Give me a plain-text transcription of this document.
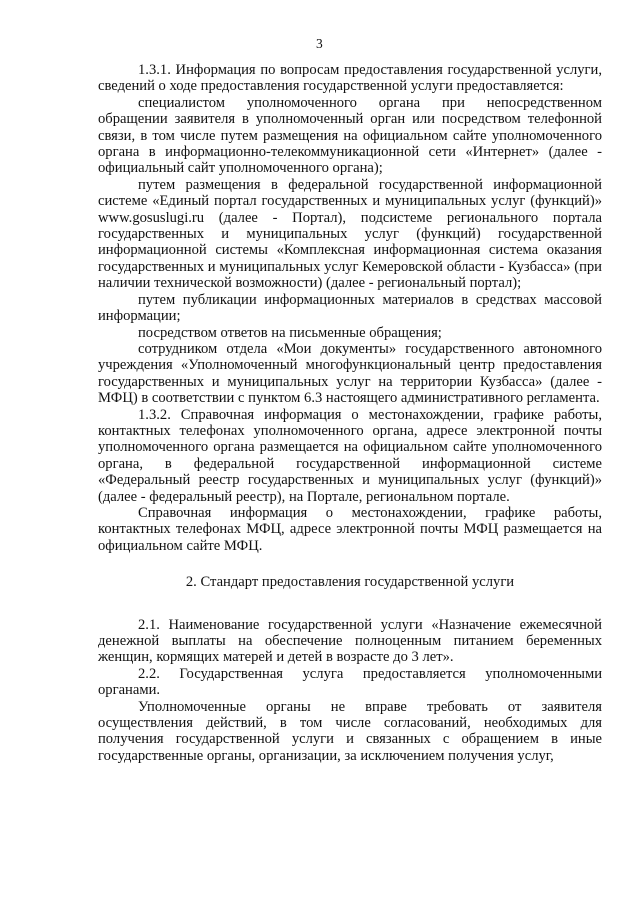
3

1.3.1. Информация по вопросам предоставления государственной услуги, сведений о ходе предоставления государственной услуги предоставляется:

специалистом уполномоченного органа при непосредственном обращении заявителя в уполномоченный орган или посредством телефонной связи, в том числе путем размещения на официальном сайте уполномоченного органа в информационно-телекоммуникационной сети «Интернет» (далее - официальный сайт уполномоченного органа);

путем размещения в федеральной государственной информационной системе «Единый портал государственных и муниципальных услуг (функций)» www.gosuslugi.ru (далее - Портал), подсистеме регионального портала государственных и муниципальных услуг (функций) государственной информационной системы «Комплексная информационная система оказания государственных и муниципальных услуг Кемеровской области - Кузбасса» (при наличии технической возможности) (далее - региональный портал);

путем публикации информационных материалов в средствах массовой информации;

посредством ответов на письменные обращения;

сотрудником отдела «Мои документы» государственного автономного учреждения «Уполномоченный многофункциональный центр предоставления государственных и муниципальных услуг на территории Кузбасса» (далее - МФЦ) в соответствии с пунктом 6.3 настоящего административного регламента.

1.3.2. Справочная информация о местонахождении, графике работы, контактных телефонах уполномоченного органа, адресе электронной почты уполномоченного органа размещается на официальном сайте уполномоченного органа, в федеральной государственной информационной системе «Федеральный реестр государственных и муниципальных услуг (функций)» (далее - федеральный реестр), на Портале, региональном портале.

Справочная информация о местонахождении, графике работы, контактных телефонах МФЦ, адресе электронной почты МФЦ размещается на официальном сайте МФЦ.

2. Стандарт предоставления государственной услуги

2.1. Наименование государственной услуги «Назначение ежемесячной денежной выплаты на обеспечение полноценным питанием беременных женщин, кормящих матерей и детей в возрасте до 3 лет».

2.2. Государственная услуга предоставляется уполномоченными органами.

Уполномоченные органы не вправе требовать от заявителя осуществления действий, в том числе согласований, необходимых для получения государственной услуги и связанных с обращением в иные государственные органы, организации, за исключением получения услуг,
